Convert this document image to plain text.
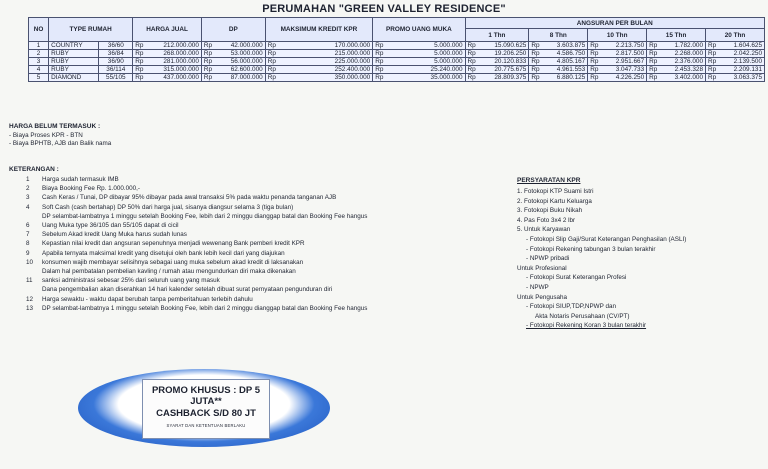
PERUMAHAN "GREEN VALLEY RESIDENCE"
NO	TYPE RUMAH		HARGA JUAL		DP		MAKSIMUM KREDIT KPR		PROMO UANG MUKA		ANGSURAN PER BULAN									
											1 Thn		8 Thn		10 Thn		15 Thn		20 Thn	
1	COUNTRY	36/60	Rp	212.000.000	Rp	42.000.000	Rp	170.000.000	Rp	5.000.000	Rp	15.090.625	Rp	3.603.875	Rp	2.213.750	Rp	1.782.000	Rp	1.604.625
2	RUBY	36/84	Rp	268.000.000	Rp	53.000.000	Rp	215.000.000	Rp	5.000.000	Rp	19.206.250	Rp	4.586.750	Rp	2.817.500	Rp	2.268.000	Rp	2.042.250
3	RUBY	36/90	Rp	281.000.000	Rp	56.000.000	Rp	225.000.000	Rp	5.000.000	Rp	20.120.833	Rp	4.805.167	Rp	2.951.667	Rp	2.376.000	Rp	2.139.500
4	RUBY	36/114	Rp	315.000.000	Rp	62.600.000	Rp	252.400.000	Rp	25.240.000	Rp	20.775.675	Rp	4.961.553	Rp	3.047.733	Rp	2.453.328	Rp	2.209.131
5	DIAMOND	55/105	Rp	437.000.000	Rp	87.000.000	Rp	350.000.000	Rp	35.000.000	Rp	28.809.375	Rp	6.880.125	Rp	4.226.250	Rp	3.402.000	Rp	3.063.375
HARGA BELUM TERMASUK :
- Biaya Proses KPR - BTN
- Biaya BPHTB, AJB dan Balik nama
KETERANGAN :
1	Harga sudah termasuk IMB
2	Biaya Booking Fee Rp. 1.000.000,-
3	Cash Keras / Tunai, DP dibayar 95% dibayar pada awal transaksi 5% pada waktu penanda tanganan AJB
4	Soft Cash (cash bertahap) DP 50% dari harga jual, sisanya diangsur selama 3 (tiga bulan)
DP selambat-lambatnya 1 minggu setelah Booking Fee, lebih dari 2 minggu dianggap batal dan Booking Fee hangus
6	Uang Muka type 36/105 dan 55/105 dapat di cicil
7	Sebelum Akad kredit Uang Muka harus sudah lunas
8	Kepastian nilai kredit dan angsuran sepenuhnya menjadi wewenang Bank pemberi kredit KPR
9	Apabila ternyata maksimal kredit yang disetujui oleh bank lebih kecil dari yang diajukan
10	konsumen wajib membayar selisihnya sebagai uang muka sebelum akad kredit di laksanakan
Dalam hal pembatalan pembelian kavling / rumah atau mengundurkan diri maka dikenakan
11	sanksi administrasi sebesar 25% dari seluruh uang yang masuk
Dana pengembalian akan diserahkan 14 hari kalender setelah dibuat surat pernyataan pengunduran diri
12	Harga sewaktu - waktu dapat berubah tanpa pemberitahuan terlebih dahulu
13	DP selambat-lambatnya 1 minggu setelah Booking Fee, lebih dari 2 minggu dianggap batal dan Booking Fee hangus
PERSYARATAN KPR
1. Fotokopi KTP Suami Istri
2. Fotokopi Kartu Keluarga
3. Fotokopi Buku Nikah
4. Pas Foto 3x4 2 lbr
5. Untuk Karyawan
- Fotokopi Slip Gaji/Surat Keterangan Penghasilan (ASLI)
- Fotokopi Rekening tabungan 3 bulan terakhir
- NPWP pribadi
Untuk Profesional
- Fotokopi Surat Keterangan Profesi
- NPWP
Untuk Pengusaha
- Fotokopi SIUP,TDP,NPWP dan
Akta Notaris Perusahaan (CV/PT)
- Fotokopi Rekening Koran 3 bulan terakhir
PROMO KHUSUS : DP 5 JUTA**
CASHBACK S/D 80 JT
SYARAT DAN KETENTUAN BERLAKU
